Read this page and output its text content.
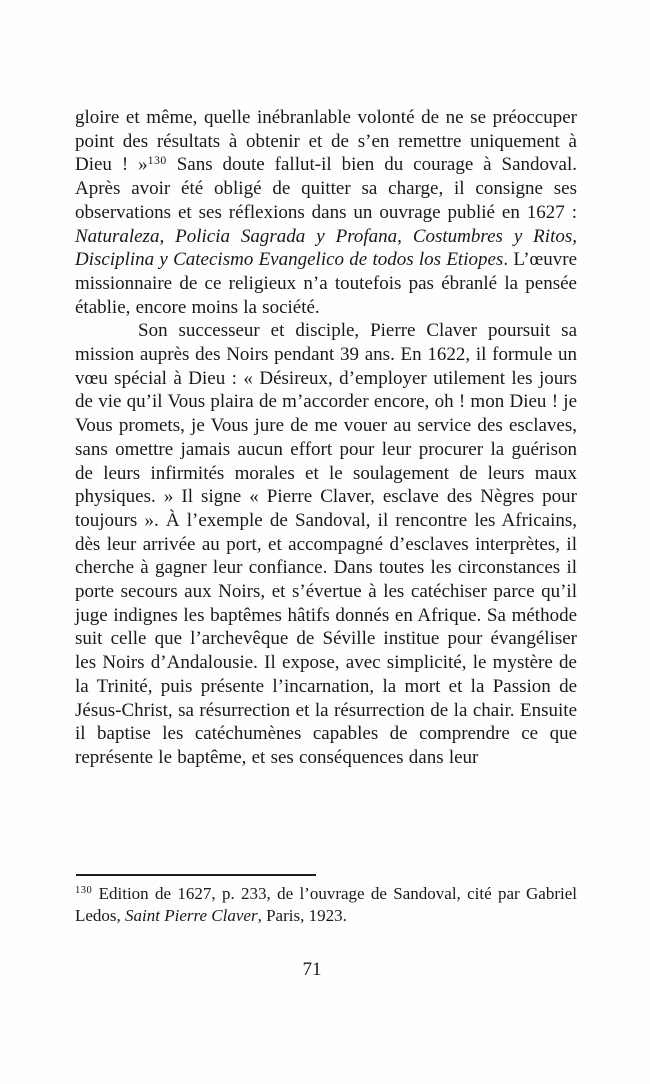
gloire et même, quelle inébranlable volonté de ne se préoccuper point des résultats à obtenir et de s’en remettre uniquement à Dieu ! »$^{130}$ Sans doute fallut-il bien du courage à Sandoval. Après avoir été obligé de quitter sa charge, il consigne ses observations et ses réflexions dans un ouvrage publié en 1627 : Naturaleza, Policia Sagrada y Profana, Costumbres y Ritos, Disciplina y Catecismo Evangelico de todos los Etiopes. L’œuvre missionnaire de ce religieux n’a toutefois pas ébranlé la pensée établie, encore moins la société.

Son successeur et disciple, Pierre Claver poursuit sa mission auprès des Noirs pendant 39 ans. En 1622, il formule un vœu spécial à Dieu : « Désireux, d’employer utilement les jours de vie qu’il Vous plaira de m’accorder encore, oh ! mon Dieu ! je Vous promets, je Vous jure de me vouer au service des esclaves, sans omettre jamais aucun effort pour leur procurer la guérison de leurs infirmités morales et le soulagement de leurs maux physiques. » Il signe « Pierre Claver, esclave des Nègres pour toujours ». À l’exemple de Sandoval, il rencontre les Africains, dès leur arrivée au port, et accompagné d’esclaves interprètes, il cherche à gagner leur confiance. Dans toutes les circonstances il porte secours aux Noirs, et s’évertue à les catéchiser parce qu’il juge indignes les baptêmes hâtifs donnés en Afrique. Sa méthode suit celle que l’archevêque de Séville institue pour évangéliser les Noirs d’Andalousie. Il expose, avec simplicité, le mystère de la Trinité, puis présente l’incarnation, la mort et la Passion de Jésus-Christ, sa résurrection et la résurrection de la chair. Ensuite il baptise les catéchumènes capables de comprendre ce que représente le baptême, et ses conséquences dans leur

$^{130}$ Edition de 1627, p. 233, de l’ouvrage de Sandoval, cité par Gabriel Ledos, Saint Pierre Claver, Paris, 1923.

71
